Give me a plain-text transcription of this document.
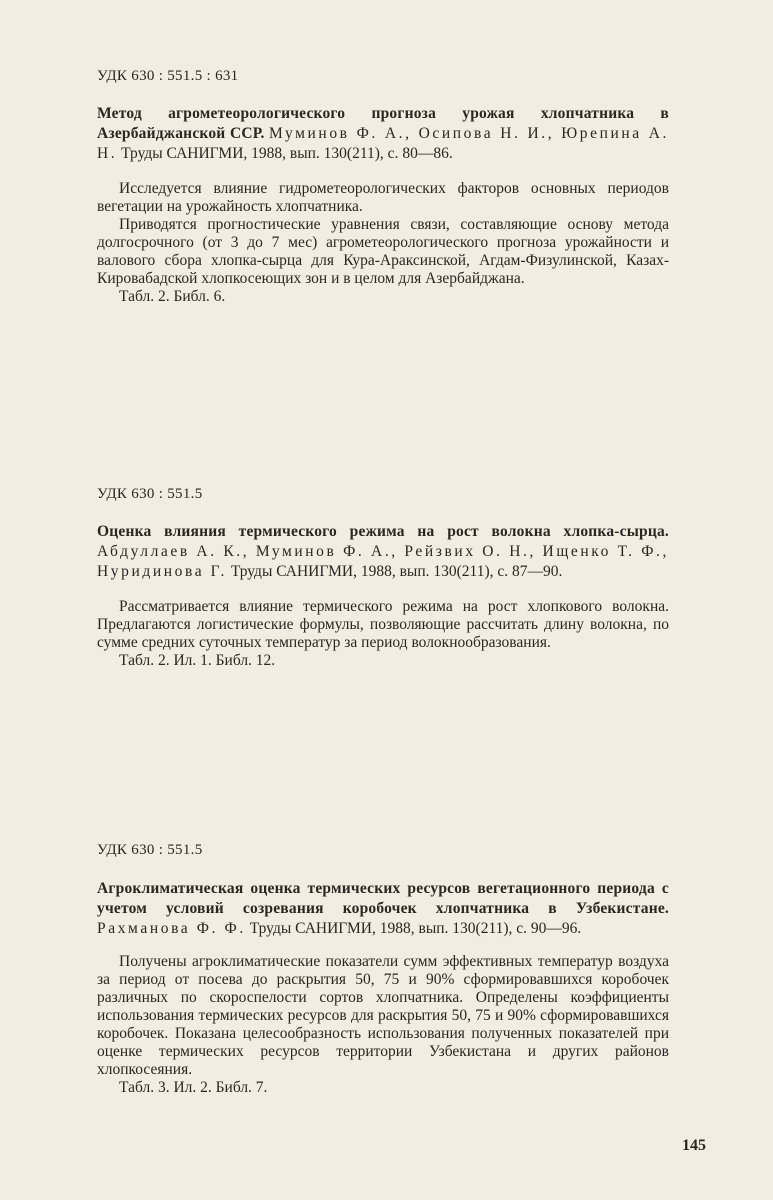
УДК 630 : 551.5 : 631

Метод агрометеорологического прогноза урожая хлопчатника в Азербайджанской ССР. Муминов Ф. А., Осипова Н. И., Юрепина А. Н. Труды САНИГМИ, 1988, вып. 130(211), с. 80—86.

Исследуется влияние гидрометеорологических факторов основных периодов вегетации на урожайность хлопчатника.

Приводятся прогностические уравнения связи, составляющие основу метода долгосрочного (от 3 до 7 мес) агрометеорологического прогноза урожайности и валового сбора хлопка-сырца для Кура-Араксинской, Агдам-Физулинской, Казах-Кировабадской хлопкосеющих зон и в целом для Азербайджана.

Табл. 2. Библ. 6.

УДК 630 : 551.5

Оценка влияния термического режима на рост волокна хлопка-сырца. Абдуллаев А. К., Муминов Ф. А., Рейзвих О. Н., Ищенко Т. Ф., Нуридинова Г. Труды САНИГМИ, 1988, вып. 130(211), с. 87—90.

Рассматривается влияние термического режима на рост хлопкового волокна. Предлагаются логистические формулы, позволяющие рассчитать длину волокна, по сумме средних суточных температур за период волокнообразования.

Табл. 2. Ил. 1. Библ. 12.

УДК 630 : 551.5

Агроклиматическая оценка термических ресурсов вегетационного периода с учетом условий созревания коробочек хлопчатника в Узбекистане. Рахманова Ф. Ф. Труды САНИГМИ, 1988, вып. 130(211), с. 90—96.

Получены агроклиматические показатели сумм эффективных температур воздуха за период от посева до раскрытия 50, 75 и 90% сформировавшихся коробочек различных по скороспелости сортов хлопчатника. Определены коэффициенты использования термических ресурсов для раскрытия 50, 75 и 90% сформировавшихся коробочек. Показана целесообразность использования полученных показателей при оценке термических ресурсов территории Узбекистана и других районов хлопкосеяния.

Табл. 3. Ил. 2. Библ. 7.

145
